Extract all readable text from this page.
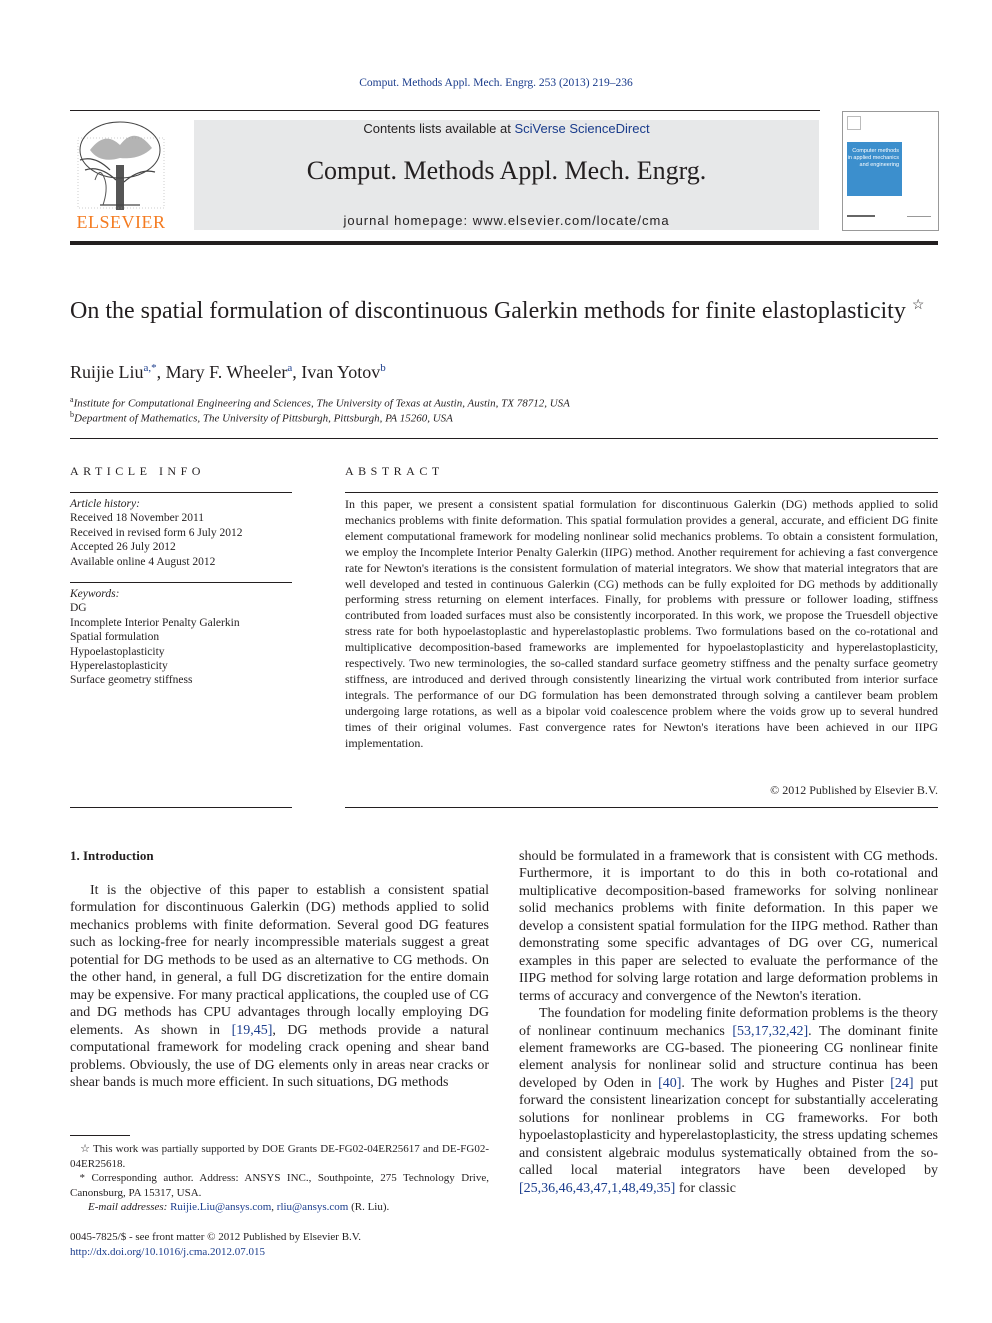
Comput. Methods Appl. Mech. Engrg. 253 (2013) 219–236
ELSEVIER
Contents lists available at SciVerse ScienceDirect
Comput. Methods Appl. Mech. Engrg.
journal homepage: www.elsevier.com/locate/cma
Computer methods in applied mechanics and engineering
On the spatial formulation of discontinuous Galerkin methods for finite elastoplasticity ☆
Ruijie Liu$^{a,*}$, Mary F. Wheeler$^a$, Ivan Yotov$^b$
$^a$Institute for Computational Engineering and Sciences, The University of Texas at Austin, Austin, TX 78712, USA
$^b$Department of Mathematics, The University of Pittsburgh, Pittsburgh, PA 15260, USA
ARTICLE INFO
Article history:
Received 18 November 2011
Received in revised form 6 July 2012
Accepted 26 July 2012
Available online 4 August 2012
Keywords:
DG
Incomplete Interior Penalty Galerkin
Spatial formulation
Hypoelastoplasticity
Hyperelastoplasticity
Surface geometry stiffness
ABSTRACT
In this paper, we present a consistent spatial formulation for discontinuous Galerkin (DG) methods applied to solid mechanics problems with finite deformation. This spatial formulation provides a general, accurate, and efficient DG finite element computational framework for modeling nonlinear solid mechanics problems. To obtain a consistent formulation, we employ the Incomplete Interior Penalty Galerkin (IIPG) method. Another requirement for achieving a fast convergence rate for Newton's iterations is the consistent formulation of material integrators. We show that material integrators that are well developed and tested in continuous Galerkin (CG) methods can be fully exploited for DG methods by additionally performing stress returning on element interfaces. Finally, for problems with pressure or follower loading, stiffness contributed from loaded surfaces must also be consistently incorporated. In this work, we propose the Truesdell objective stress rate for both hypoelastoplastic and hyperelastoplastic problems. Two formulations based on the co-rotational and multiplicative decomposition-based frameworks are implemented for hypoelastoplasticity and hyperelastoplasticity, respectively. Two new terminologies, the so-called standard surface geometry stiffness and the penalty surface geometry stiffness, are introduced and derived through consistently linearizing the virtual work contributed from interior surface integrals. The performance of our DG formulation has been demonstrated through solving a cantilever beam problem undergoing large rotations, as well as a bipolar void coalescence problem where the voids grow up to several hundred times of their original volumes. Fast convergence rates for Newton's iterations have been achieved in our IIPG implementation.
© 2012 Published by Elsevier B.V.
1. Introduction

It is the objective of this paper to establish a consistent spatial formulation for discontinuous Galerkin (DG) methods applied to solid mechanics problems with finite deformation. Several good DG features such as locking-free for nearly incompressible materials suggest a great potential for DG methods to be used as an alternative to CG methods. On the other hand, in general, a full DG discretization for the entire domain may be expensive. For many practical applications, the coupled use of CG and DG methods has CPU advantages through locally employing DG elements. As shown in [19,45], DG methods provide a natural computational framework for modeling crack opening and shear band problems. Obviously, the use of DG elements only in areas near cracks or shear bands is much more efficient. In such situations, DG methods

should be formulated in a framework that is consistent with CG methods. Furthermore, it is important to do this in both co-rotational and multiplicative decomposition-based frameworks for solving nonlinear solid mechanics problems with finite deformation. In this paper we develop a consistent spatial formulation for the IIPG method. Rather than demonstrating some specific advantages of DG over CG, numerical examples in this paper are selected to evaluate the performance of the IIPG method for solving large rotation and large deformation problems in terms of accuracy and convergence of the Newton's iteration.

The foundation for modeling finite deformation problems is the theory of nonlinear continuum mechanics [53,17,32,42]. The dominant finite element frameworks are CG-based. The pioneering CG nonlinear finite element analysis for nonlinear solid and structure continua has been developed by Oden in [40]. The work by Hughes and Pister [24] put forward the consistent linearization concept for substantially accelerating solutions for nonlinear problems in CG frameworks. For both hypoelastoplasticity and hyperelastoplasticity, the stress updating schemes and consistent algebraic modulus systematically obtained from the so-called local material integrators have been developed by [25,36,46,43,47,1,48,49,35] for classic

☆ This work was partially supported by DOE Grants DE-FG02-04ER25617 and DE-FG02-04ER25618.
* Corresponding author. Address: ANSYS INC., Southpointe, 275 Technology Drive, Canonsburg, PA 15317, USA.
E-mail addresses: Ruijie.Liu@ansys.com, rliu@ansys.com (R. Liu).
0045-7825/$ - see front matter © 2012 Published by Elsevier B.V.
http://dx.doi.org/10.1016/j.cma.2012.07.015
